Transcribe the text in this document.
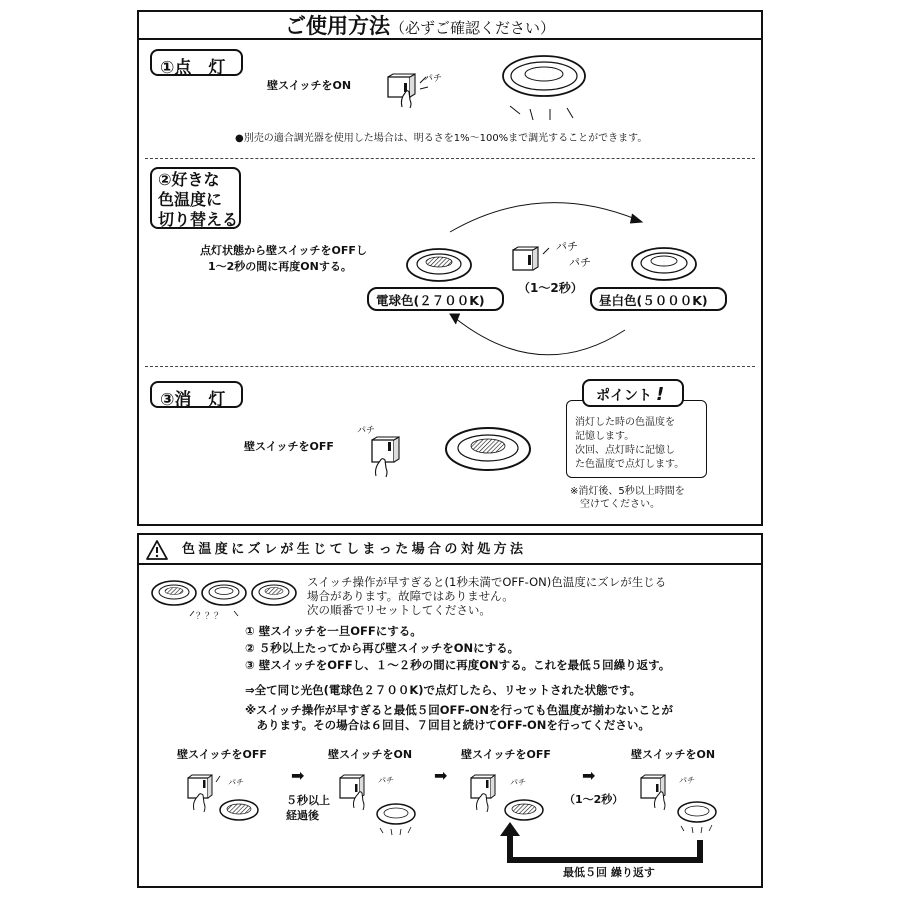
ご使用方法（必ずご確認ください）
①点　灯
壁スイッチをON	パチ
●別売の適合調光器を使用した場合は、明るさを1%～100%まで調光することができます。
②好きな
色温度に
切り替える
点灯状態から壁スイッチをOFFし
1～2秒の間に再度ONする。
パチ
パチ
（1～2秒）
電球色(２７００K)	昼白色(５０００K)
③消　灯
壁スイッチをOFF
パチ
ポイント !
消灯した時の色温度を
記憶します。
次回、点灯時に記憶し
た色温度で点灯します。
※消灯後、5秒以上時間を
　空けてください。
色温度にズレが生じてしまった場合の対処方法
？？？
スイッチ操作が早すぎると(1秒未満でOFF-ON)色温度にズレが生じる
場合があります。故障ではありません。
次の順番でリセットしてください。
① 壁スイッチを一旦OFFにする。
② ５秒以上たってから再び壁スイッチをONにする。
③ 壁スイッチをOFFし、１～２秒の間に再度ONする。これを最低５回繰り返す。
⇒全て同じ光色(電球色２７００K)で点灯したら、リセットされた状態です。
※スイッチ操作が早すぎると最低５回OFF-ONを行っても色温度が揃わないことが
　あります。その場合は６回目、７回目と続けてOFF-ONを行ってください。
壁スイッチをOFF	壁スイッチをON	壁スイッチをOFF	壁スイッチをON
パチ	➡
５秒以上
経過後
パチ	➡	パチ	➡
（1～2秒）
パチ
最低５回 繰り返す
